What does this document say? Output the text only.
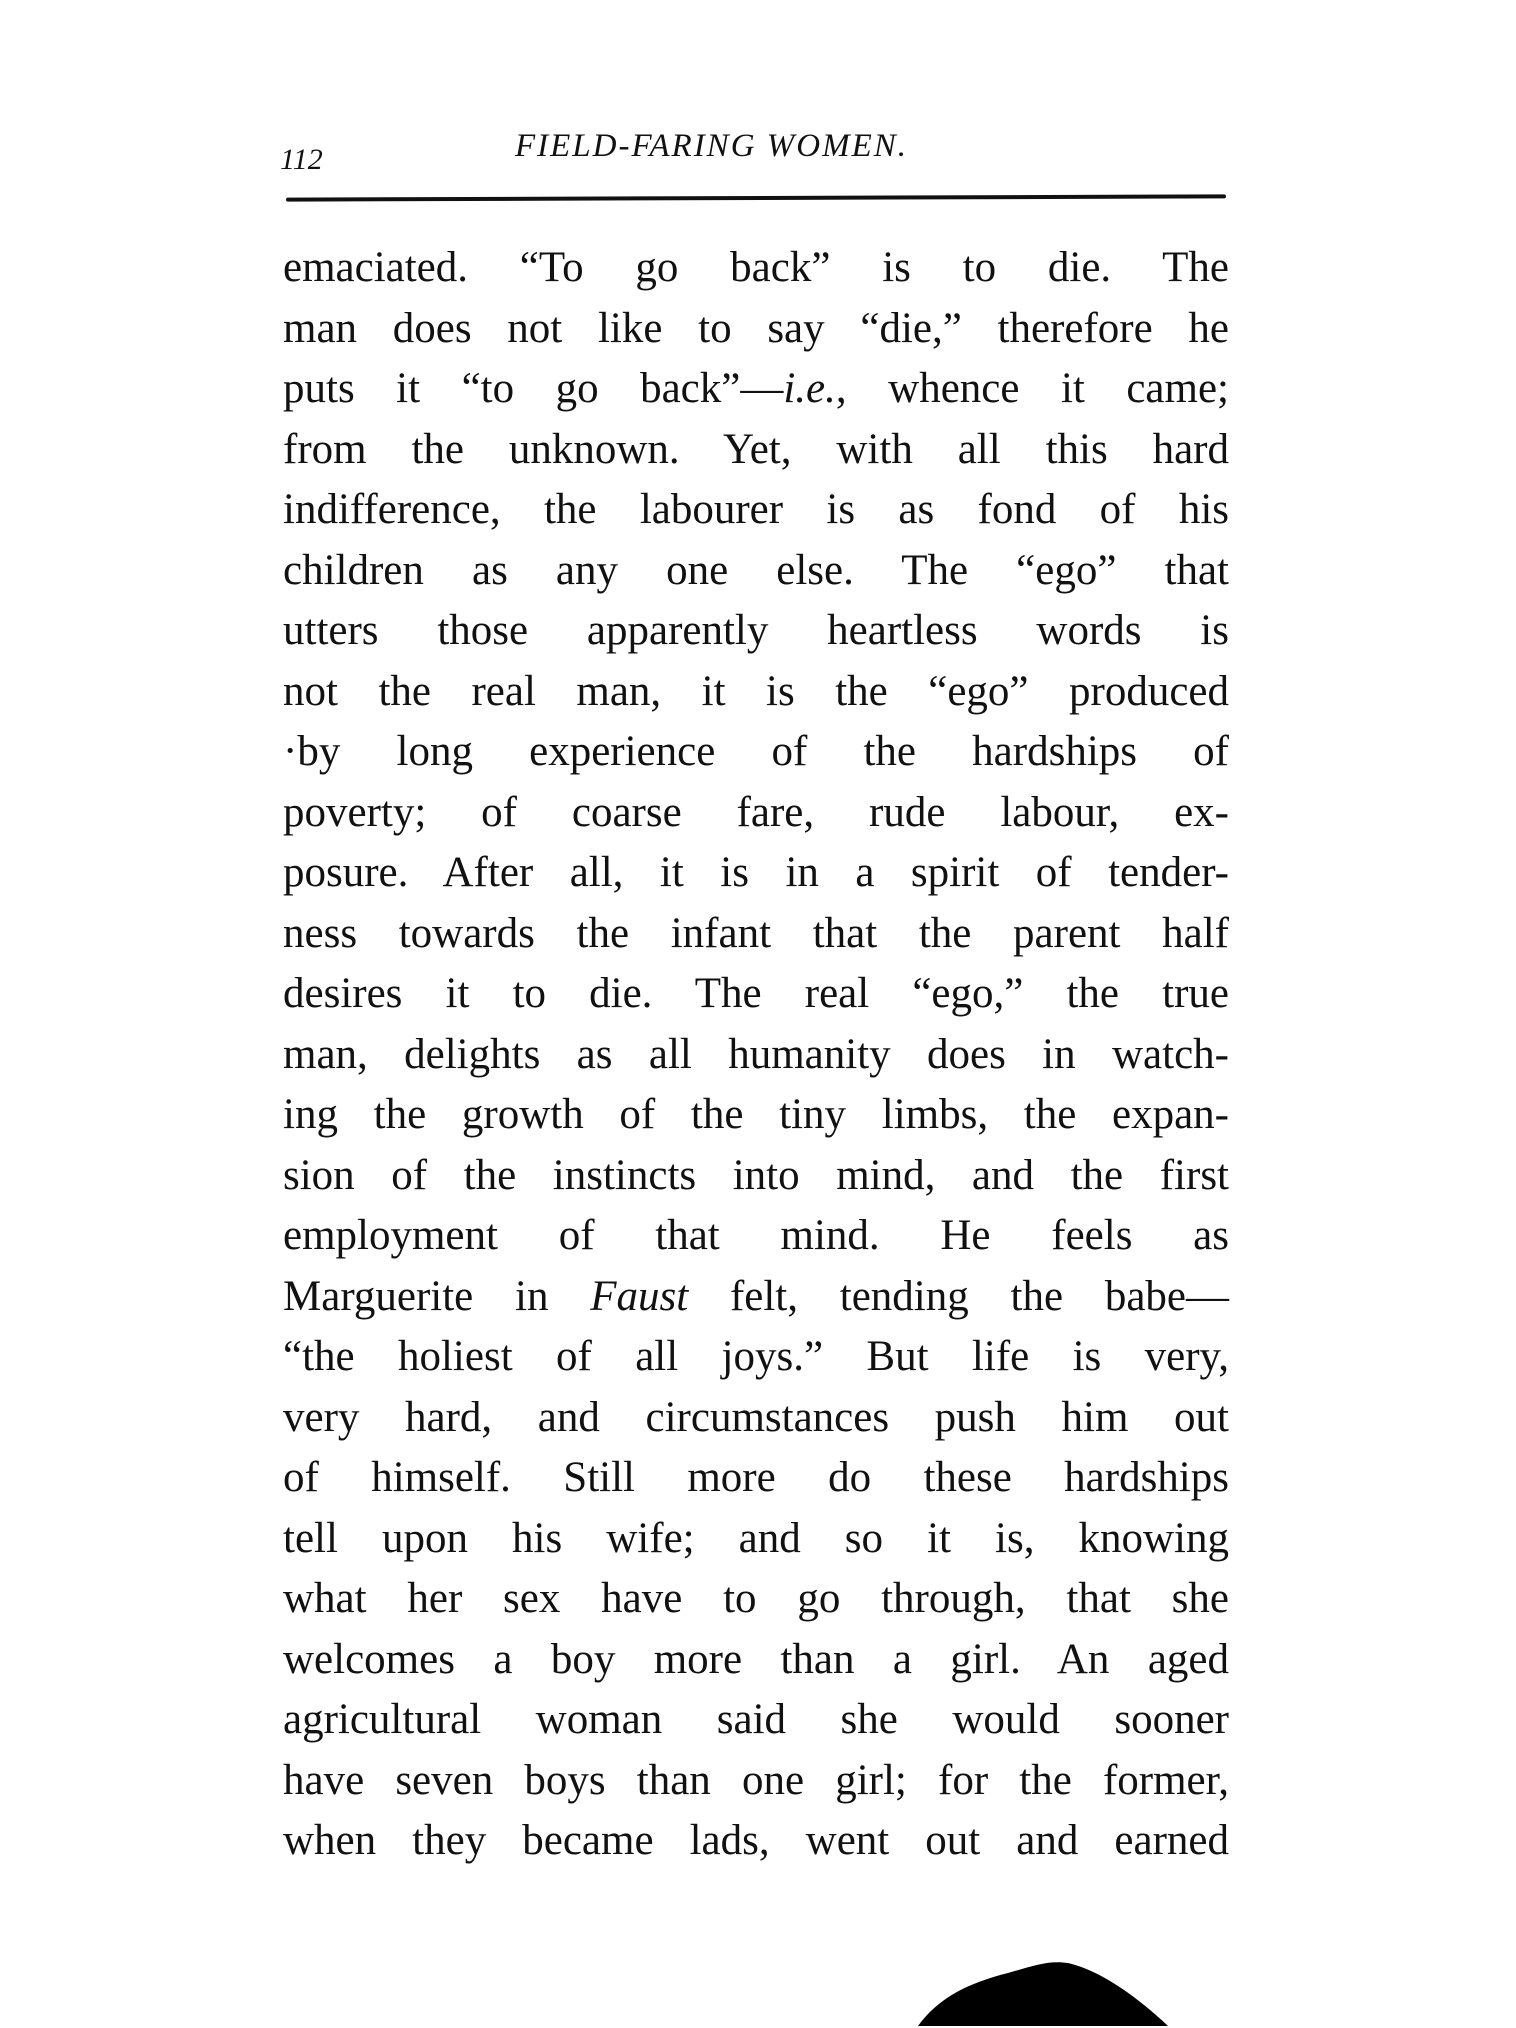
112	FIELD-FARING WOMEN.
emaciated. “To go back” is to die. The
man does not like to say “die,” therefore he
puts it “to go back”—i.e., whence it came;
from the unknown. Yet, with all this hard
indifference, the labourer is as fond of his
children as any one else. The “ego” that
utters those apparently heartless words is
not the real man, it is the “ego” produced
·by long experience of the hardships of
poverty; of coarse fare, rude labour, ex-
posure. After all, it is in a spirit of tender-
ness towards the infant that the parent half
desires it to die. The real “ego,” the true
man, delights as all humanity does in watch-
ing the growth of the tiny limbs, the expan-
sion of the instincts into mind, and the first
employment of that mind. He feels as
Marguerite in Faust felt, tending the babe—
“the holiest of all joys.” But life is very,
very hard, and circumstances push him out
of himself. Still more do these hardships
tell upon his wife; and so it is, knowing
what her sex have to go through, that she
welcomes a boy more than a girl. An aged
agricultural woman said she would sooner
have seven boys than one girl; for the former,
when they became lads, went out and earned
